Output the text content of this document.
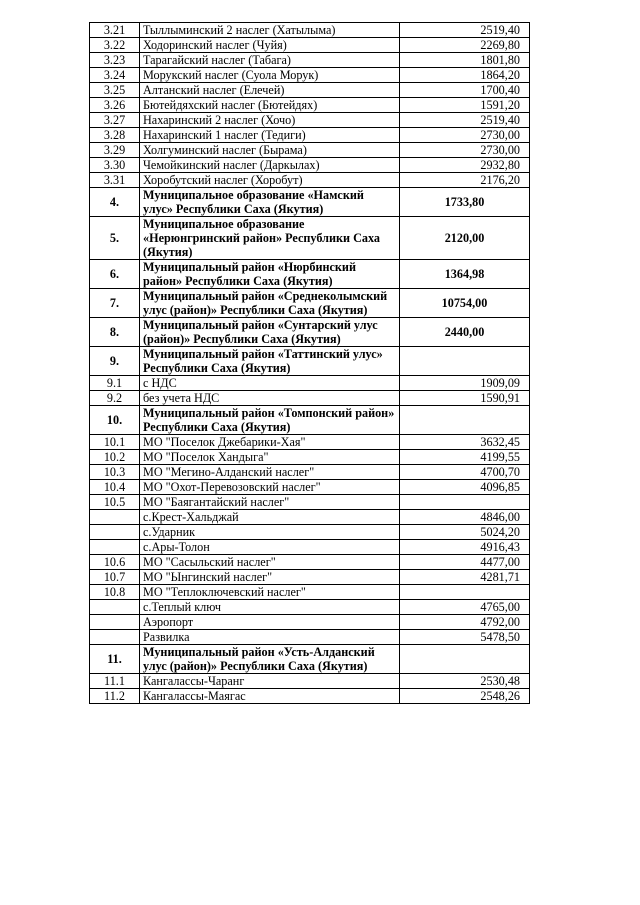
3.21	Тыллыминский 2 наслег (Хатылыма)	2519,40
3.22	Ходоринский наслег (Чуйя)	2269,80
3.23	Тарагайский наслег (Табага)	1801,80
3.24	Морукский наслег (Суола Морук)	1864,20
3.25	Алтанский наслег (Елечей)	1700,40
3.26	Бютейдяхский наслег (Бютейдях)	1591,20
3.27	Нахаринский 2 наслег (Хочо)	2519,40
3.28	Нахаринский 1 наслег (Тедиги)	2730,00
3.29	Холгуминский наслег (Бырама)	2730,00
3.30	Чемойкинский наслег (Даркылах)	2932,80
3.31	Хоробутский наслег (Хоробут)	2176,20
4.	Муниципальное образование «Намский улус» Республики Саха (Якутия)	1733,80
5.	Муниципальное образование «Нерюнгринский район» Республики Саха (Якутия)	2120,00
6.	Муниципальный район «Нюрбинский район» Республики Саха (Якутия)	1364,98
7.	Муниципальный район «Среднеколымский улус (район)» Республики Саха (Якутия)	10754,00
8.	Муниципальный район «Сунтарский улус (район)» Республики Саха (Якутия)	2440,00
9.	Муниципальный район «Таттинский улус» Республики Саха (Якутия)	
9.1	с НДС	1909,09
9.2	без учета НДС	1590,91
10.	Муниципальный район «Томпонский район» Республики Саха (Якутия)	
10.1	МО "Поселок Джебарики-Хая"	3632,45
10.2	МО "Поселок Хандыга"	4199,55
10.3	МО "Мегино-Алданский наслег"	4700,70
10.4	МО "Охот-Перевозовский наслег"	4096,85
10.5	МО "Баягантайский наслег"	
	с.Крест-Хальджай	4846,00
	с.Ударник	5024,20
	с.Ары-Толон	4916,43
10.6	МО "Сасыльский наслег"	4477,00
10.7	МО "Ынгинский наслег"	4281,71
10.8	МО "Теплоключевский наслег"	
	с.Теплый ключ	4765,00
	Аэропорт	4792,00
	Развилка	5478,50
11.	Муниципальный район «Усть-Алданский улус (район)» Республики Саха (Якутия)	
11.1	Кангалассы-Чаранг	2530,48
11.2	Кангалассы-Маягас	2548,26
